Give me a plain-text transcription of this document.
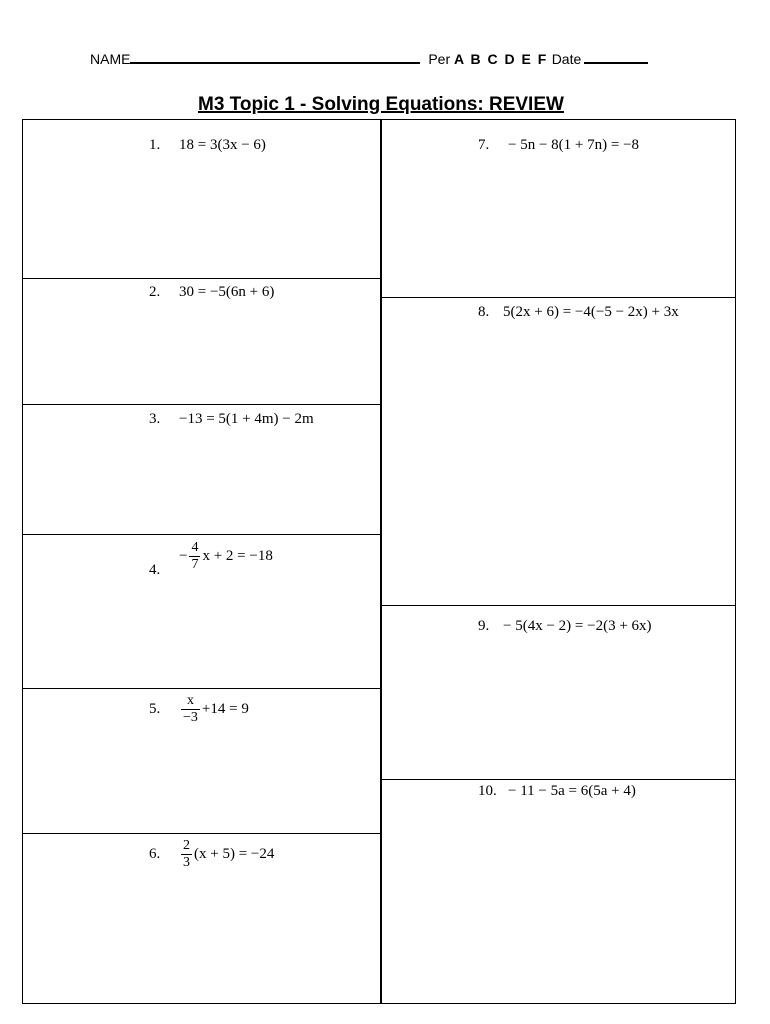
NAME	Per A B C D E F Date
M3 Topic 1 - Solving Equations: REVIEW
1. 18 = 3(3x − 6)
2. 30 = −5(6n + 6)
3. −13 = 5(1 + 4m) − 2m
$4.- \frac{4}{7}$ x + 2 = −18
5. $\frac{x}{-3} +14 = 9$
6. $\frac{2}{3} (x + 5) = -24$
7. − 5n − 8(1 + 7n) = −8
8. 5(2x + 6) = −4(−5 − 2x) + 3x
9. − 5(4x − 2) = −2(3 + 6x)
10. − 11 − 5a = 6(5a + 4)
